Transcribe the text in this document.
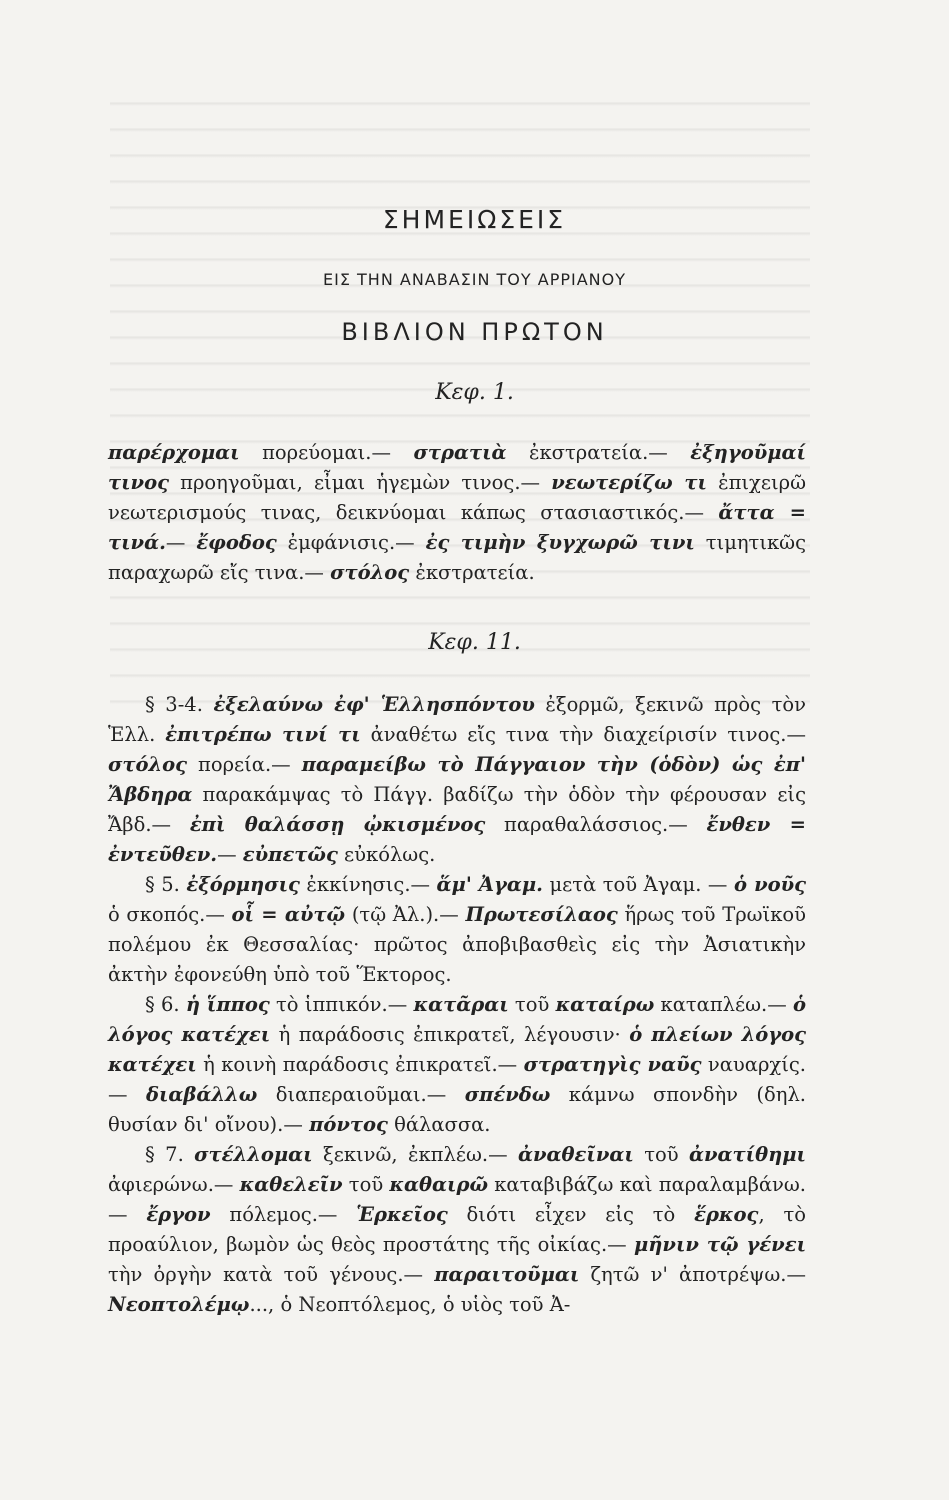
ΣΗΜΕΙΩΣΕΙΣ
ΕΙΣ ΤΗΝ ΑΝΑΒΑΣΙΝ ΤΟΥ ΑΡΡΙΑΝΟΥ
ΒΙΒΛΙΟΝ ΠΡΩΤΟΝ
Κεφ. 1.

παρέρχομαι πορεύομαι.— στρατιὰ ἐκστρατεία.— ἐξηγοῦμαί τινος προηγοῦμαι, εἶμαι ἡγεμὼν τινος.— νεωτερίζω τι ἐπιχειρῶ νεωτερισμούς τινας, δεικνύομαι κάπως στασιαστικός.— ἄττα = τινά.— ἔφοδος ἐμφάνισις.— ἐς τιμὴν ξυγχωρῶ τινι τιμητικῶς παραχωρῶ εἴς τινα.— στόλος ἐκστρατεία.

Κεφ. 11.

§ 3-4. ἐξελαύνω ἐφ' Ἑλλησπόντου ἐξορμῶ, ξεκινῶ πρὸς τὸν Ἑλλ. ἐπιτρέπω τινί τι ἀναθέτω εἴς τινα τὴν διαχείρισίν τινος.— στόλος πορεία.— παραμείβω τὸ Πάγγαιον τὴν (ὁδὸν) ὡς ἐπ' Ἄβδηρα παρακάμψας τὸ Πάγγ. βαδίζω τὴν ὁδὸν τὴν φέρουσαν εἰς Ἄβδ.— ἐπὶ θαλάσσῃ ᾠκισμένος παραθαλάσσιος.— ἔνθεν = ἐντεῦθεν.— εὐπετῶς εὐκόλως.

§ 5. ἐξόρμησις ἐκκίνησις.— ἅμ' Ἀγαμ. μετὰ τοῦ Ἀγαμ. — ὁ νοῦς ὁ σκοπός.— οἷ = αὐτῷ (τῷ Ἀλ.).— Πρωτεσίλαος ἥρως τοῦ Τρωϊκοῦ πολέμου ἐκ Θεσσαλίας· πρῶτος ἀποβιβασθεὶς εἰς τὴν Ἀσιατικὴν ἀκτὴν ἐφονεύθη ὑπὸ τοῦ Ἕκτορος.

§ 6. ἡ ἵππος τὸ ἱππικόν.— κατᾶραι τοῦ καταίρω καταπλέω.— ὁ λόγος κατέχει ἡ παράδοσις ἐπικρατεῖ, λέγουσιν· ὁ πλείων λόγος κατέχει ἡ κοινὴ παράδοσις ἐπικρατεῖ.— στρατηγὶς ναῦς ναυαρχίς.— διαβάλλω διαπεραιοῦμαι.— σπένδω κάμνω σπονδὴν (δηλ. θυσίαν δι' οἴνου).— πόντος θάλασσα.

§ 7. στέλλομαι ξεκινῶ, ἐκπλέω.— ἀναθεῖναι τοῦ ἀνατίθημι ἀφιερώνω.— καθελεῖν τοῦ καθαιρῶ καταβιβάζω καὶ παραλαμβάνω.— ἔργον πόλεμος.— Ἑρκεῖος διότι εἶχεν εἰς τὸ ἕρκος, τὸ προαύλιον, βωμὸν ὡς θεὸς προστάτης τῆς οἰκίας.— μῆνιν τῷ γένει τὴν ὀργὴν κατὰ τοῦ γένους.— παραιτοῦμαι ζητῶ ν' ἀποτρέψω.— Νεοπτολέμῳ..., ὁ Νεοπτόλεμος, ὁ υἱὸς τοῦ Ἀ-
